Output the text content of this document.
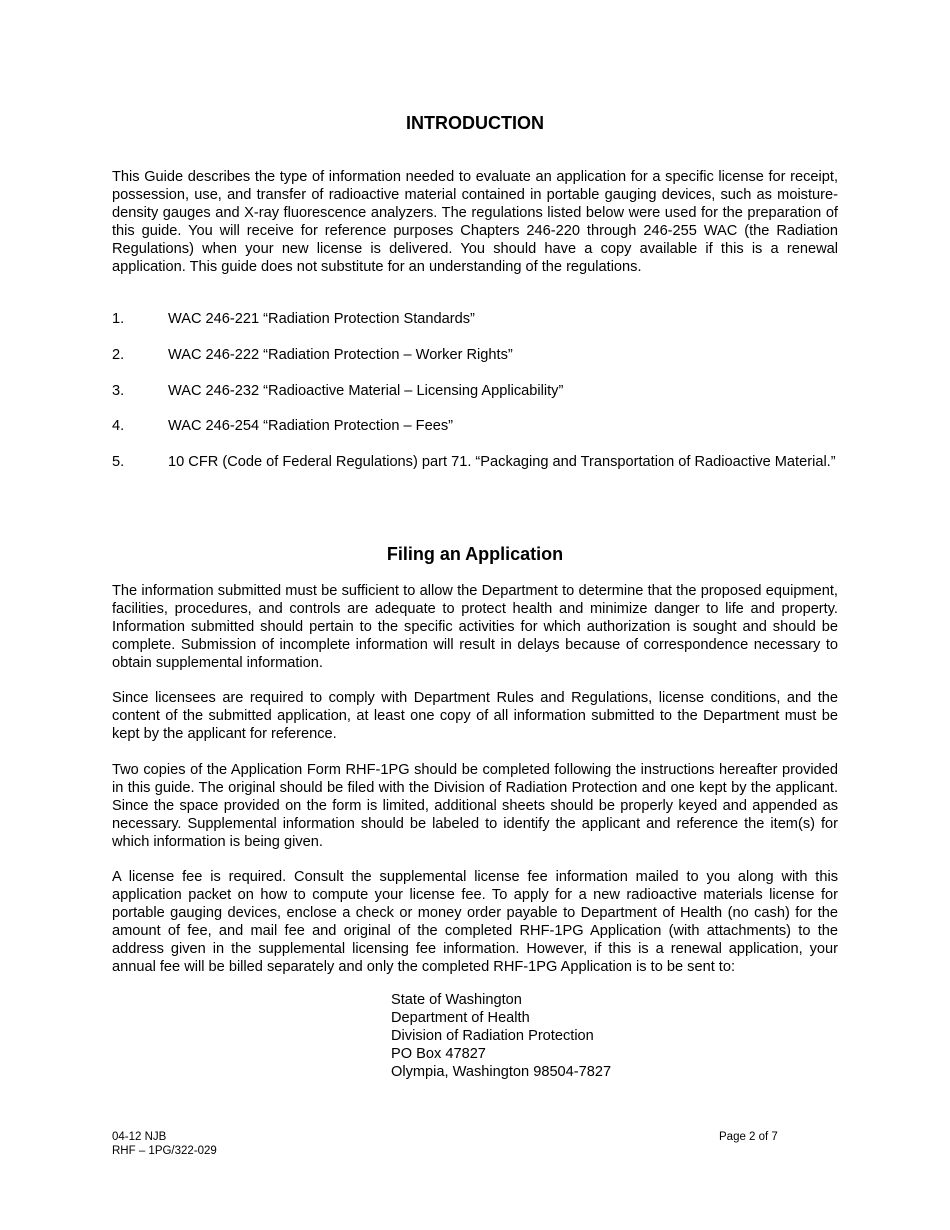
INTRODUCTION

This Guide describes the type of information needed to evaluate an application for a specific license for receipt, possession, use, and transfer of radioactive material contained in portable gauging devices, such as moisture-density gauges and X-ray fluorescence analyzers. The regulations listed below were used for the preparation of this guide. You will receive for reference purposes Chapters 246-220 through 246-255 WAC (the Radiation Regulations) when your new license is delivered. You should have a copy available if this is a renewal application. This guide does not substitute for an understanding of the regulations.

1.	WAC 246-221 “Radiation Protection Standards”
2.	WAC 246-222 “Radiation Protection – Worker Rights”
3.	WAC 246-232 “Radioactive Material – Licensing Applicability”
4.	WAC 246-254 “Radiation Protection – Fees”
5.	10 CFR (Code of Federal Regulations) part 71. “Packaging and Transportation of Radioactive Material.”
Filing an Application

The information submitted must be sufficient to allow the Department to determine that the proposed equipment, facilities, procedures, and controls are adequate to protect health and minimize danger to life and property. Information submitted should pertain to the specific activities for which authorization is sought and should be complete. Submission of incomplete information will result in delays because of correspondence necessary to obtain supplemental information.

Since licensees are required to comply with Department Rules and Regulations, license conditions, and the content of the submitted application, at least one copy of all information submitted to the Department must be kept by the applicant for reference.

Two copies of the Application Form RHF-1PG should be completed following the instructions hereafter provided in this guide. The original should be filed with the Division of Radiation Protection and one kept by the applicant. Since the space provided on the form is limited, additional sheets should be properly keyed and appended as necessary. Supplemental information should be labeled to identify the applicant and reference the item(s) for which information is being given.

A license fee is required. Consult the supplemental license fee information mailed to you along with this application packet on how to compute your license fee. To apply for a new radioactive materials license for portable gauging devices, enclose a check or money order payable to Department of Health (no cash) for the amount of fee, and mail fee and original of the completed RHF-1PG Application (with attachments) to the address given in the supplemental licensing fee information. However, if this is a renewal application, your annual fee will be billed separately and only the completed RHF-1PG Application is to be sent to:

State of Washington
Department of Health
Division of Radiation Protection
PO Box 47827
Olympia, Washington 98504-7827
04-12 NJB
RHF – 1PG/322-029
Page 2 of 7
